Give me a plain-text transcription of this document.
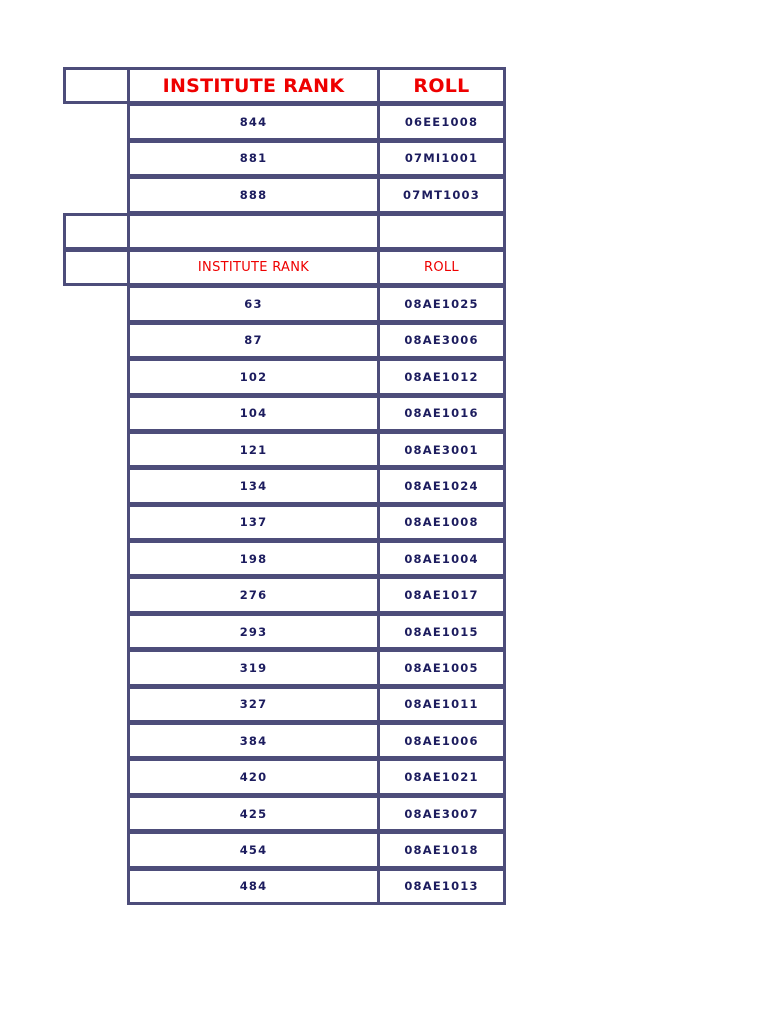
INSTITUTE RANK	ROLL
844	06EE1008
881	07MI1001
888	07MT1003
INSTITUTE RANK	ROLL
63	08AE1025
87	08AE3006
102	08AE1012
104	08AE1016
121	08AE3001
134	08AE1024
137	08AE1008
198	08AE1004
276	08AE1017
293	08AE1015
319	08AE1005
327	08AE1011
384	08AE1006
420	08AE1021
425	08AE3007
454	08AE1018
484	08AE1013
